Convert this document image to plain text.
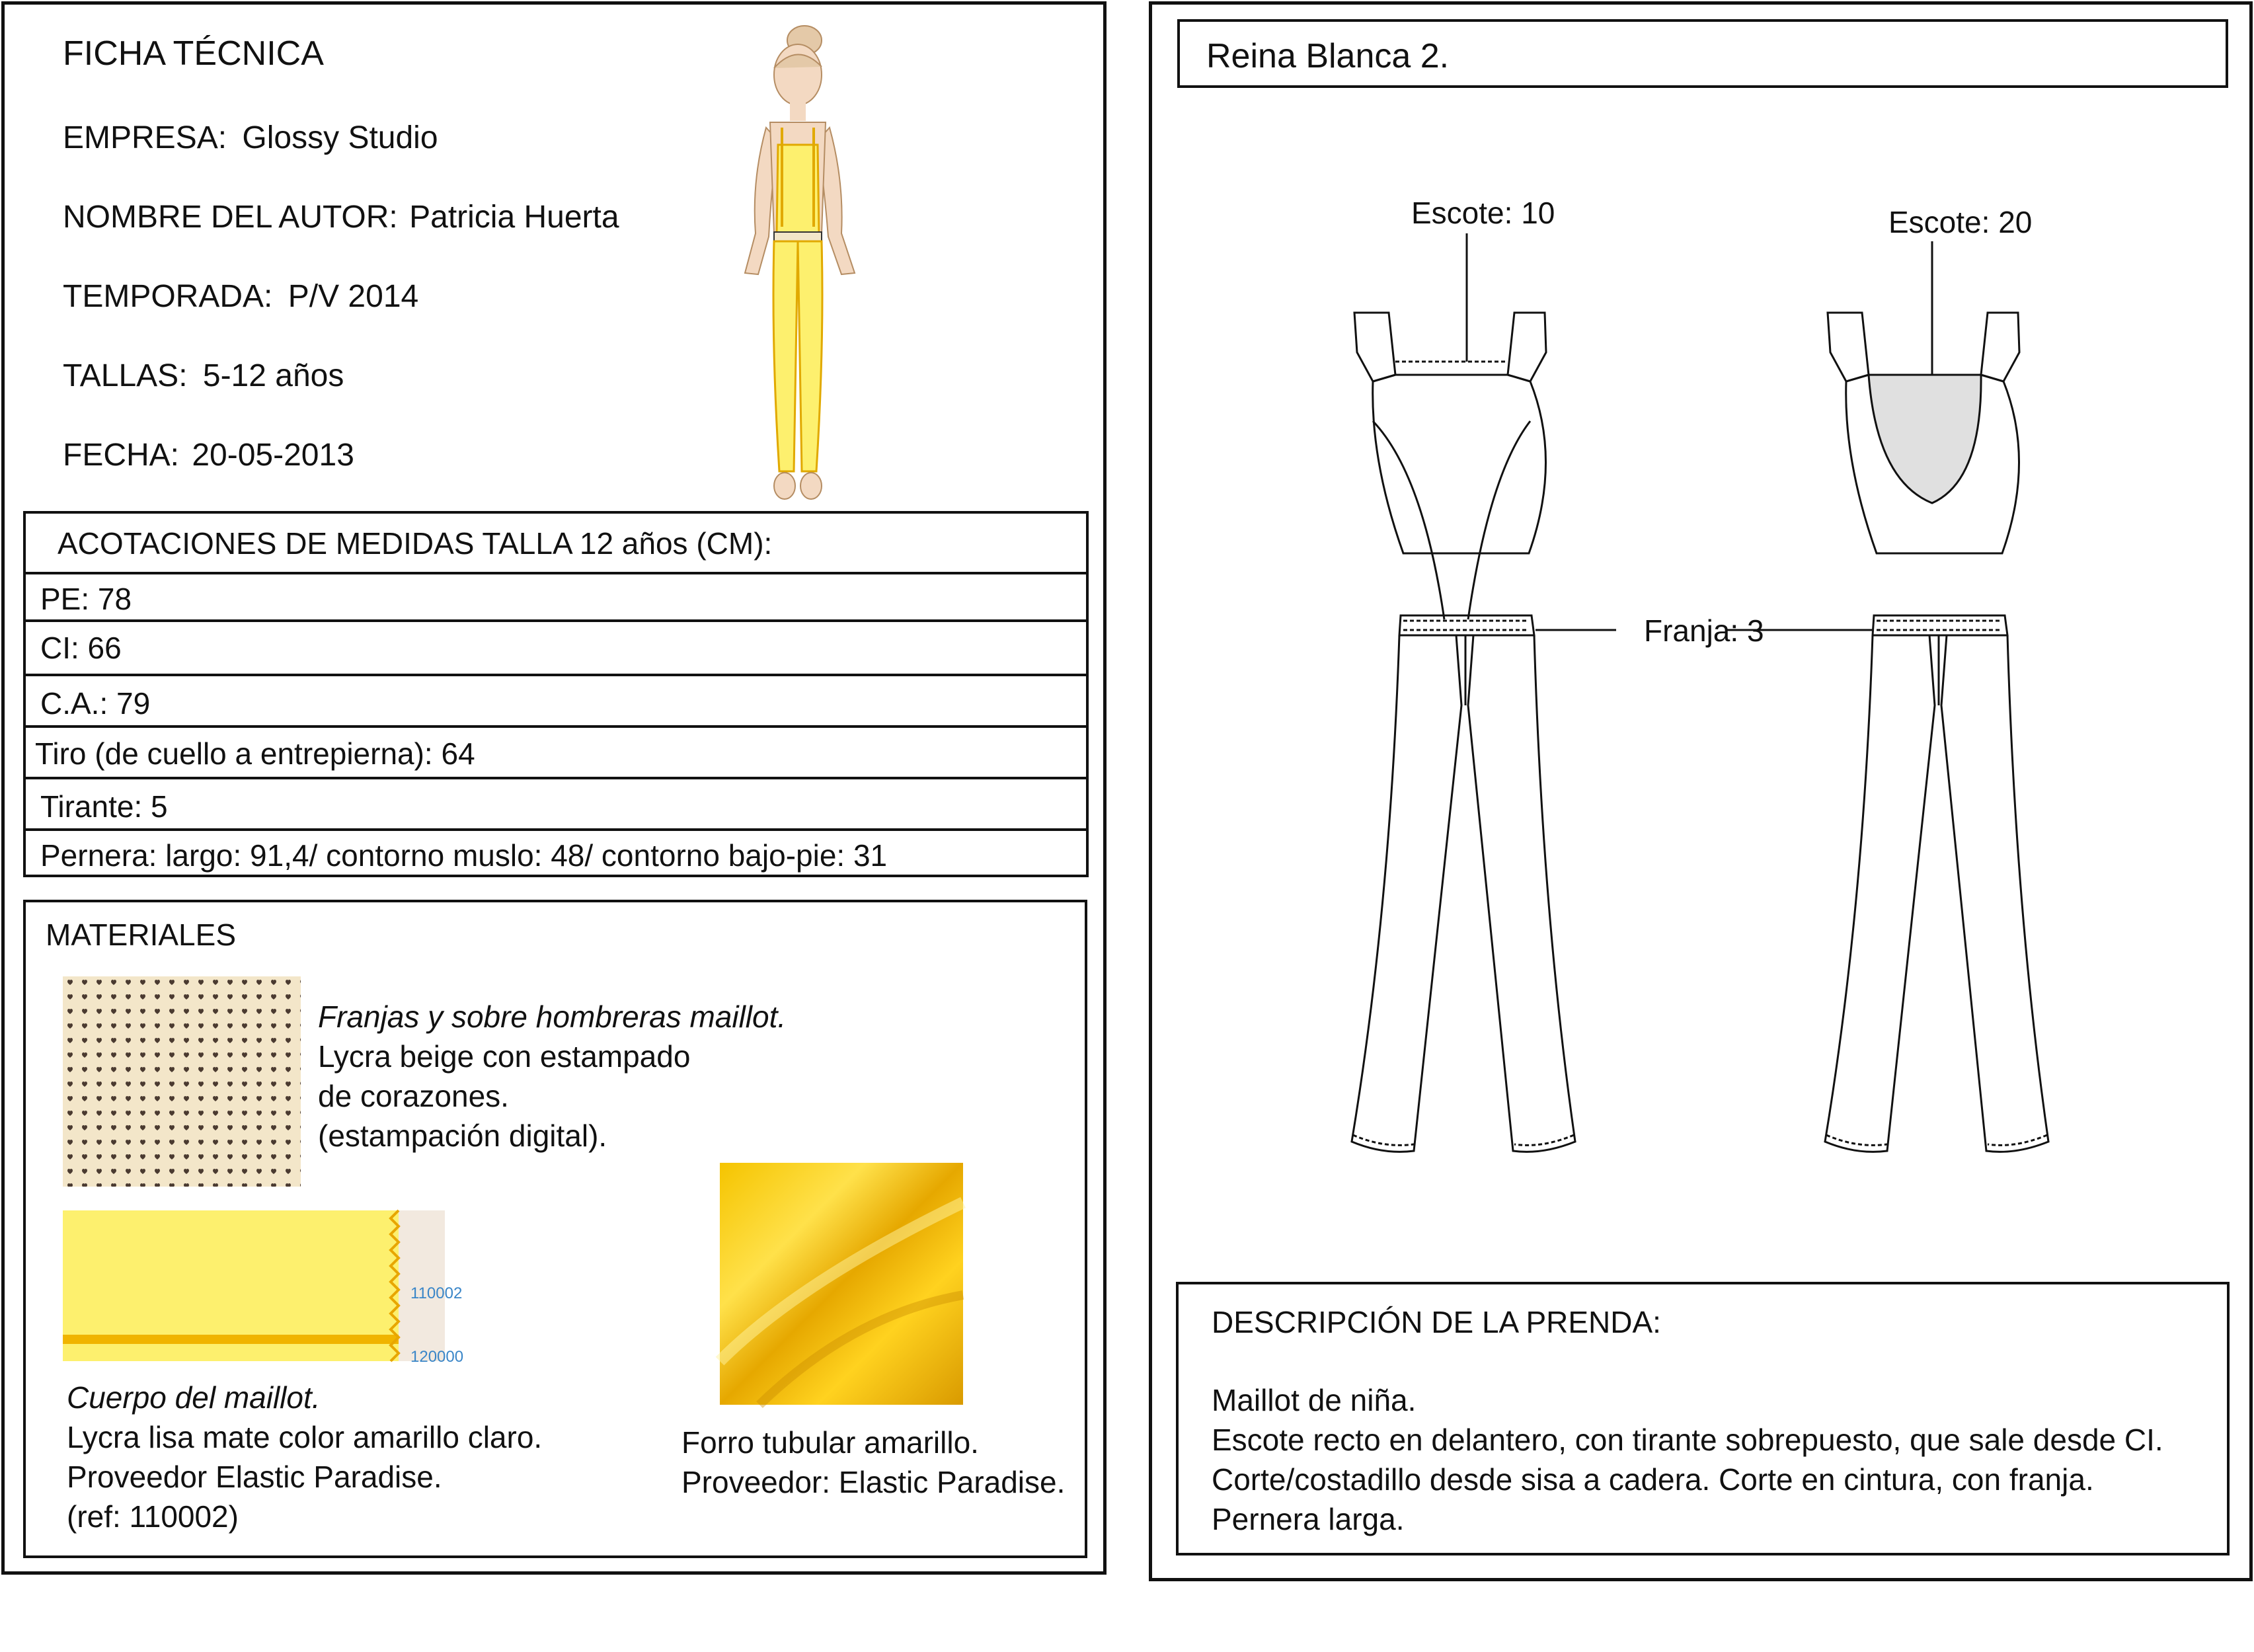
FICHA TÉCNICA
EMPRESA: Glossy Studio
NOMBRE DEL AUTOR: Patricia Huerta
TEMPORADA: P/V 2014
TALLAS: 5-12 años
FECHA: 20-05-2013
ACOTACIONES DE MEDIDAS TALLA 12 años (CM):
PE: 78
CI: 66
C.A.: 79
Tiro (de cuello a entrepierna): 64
Tirante: 5
Pernera: largo: 91,4/ contorno muslo: 48/ contorno bajo-pie: 31
MATERIALES
Franjas y sobre hombreras maillot.
Lycra beige con estampado
de corazones.
(estampación digital).
110002
120000
Cuerpo del maillot.
Lycra lisa mate color amarillo claro.
Proveedor Elastic Paradise.
(ref: 110002)
Forro tubular amarillo.
Proveedor: Elastic Paradise.
Reina Blanca 2.
Escote: 10	Escote: 20
Franja: 3
DESCRIPCIÓN DE LA PRENDA:
Maillot de niña.
Escote recto en delantero, con tirante sobrepuesto, que sale desde CI.
Corte/costadillo desde sisa a cadera. Corte en cintura, con franja.
Pernera larga.
